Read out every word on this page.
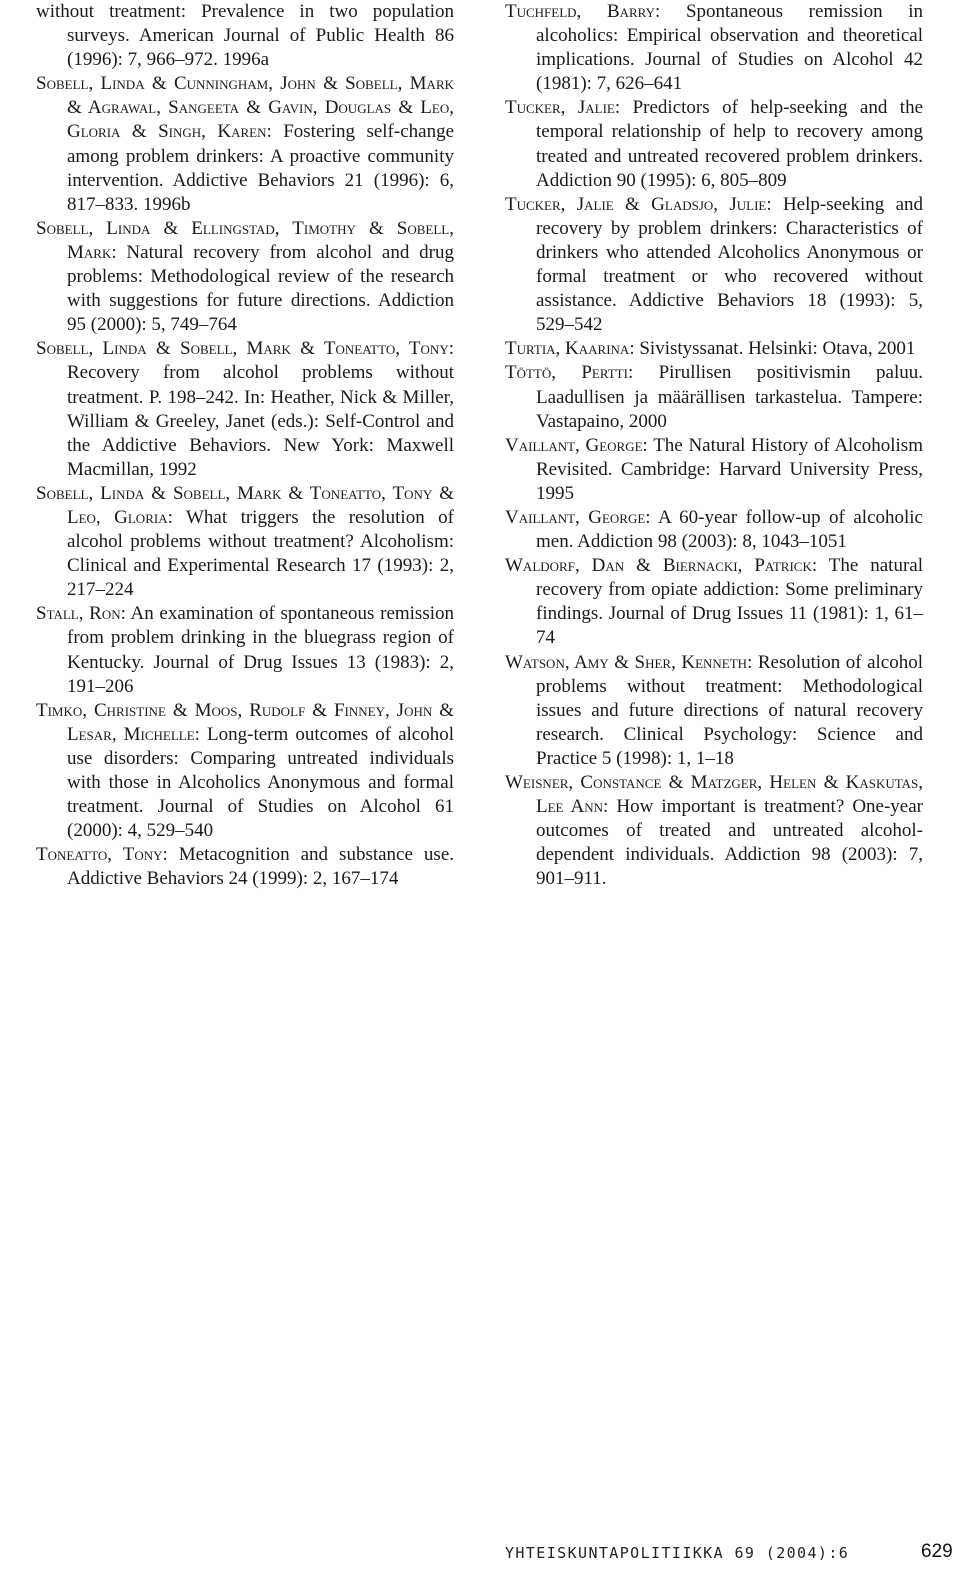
without treatment: Prevalence in two population surveys. American Journal of Public Health 86 (1996): 7, 966–972. 1996a

Sobell, Linda & Cunningham, John & Sobell, Mark & Agrawal, Sangeeta & Gavin, Douglas & Leo, Gloria & Singh, Karen: Fostering self-change among problem drinkers: A proactive community intervention. Addictive Behaviors 21 (1996): 6, 817–833. 1996b

Sobell, Linda & Ellingstad, Timothy & Sobell, Mark: Natural recovery from alcohol and drug problems: Methodological review of the research with suggestions for future directions. Addiction 95 (2000): 5, 749–764

Sobell, Linda & Sobell, Mark & Toneatto, Tony: Recovery from alcohol problems without treatment. P. 198–242. In: Heather, Nick & Miller, William & Greeley, Janet (eds.): Self-Control and the Addictive Behaviors. New York: Maxwell Macmillan, 1992

Sobell, Linda & Sobell, Mark & Toneatto, Tony & Leo, Gloria: What triggers the resolution of alcohol problems without treatment? Alcoholism: Clinical and Experimental Research 17 (1993): 2, 217–224

Stall, Ron: An examination of spontaneous remission from problem drinking in the bluegrass region of Kentucky. Journal of Drug Issues 13 (1983): 2, 191–206

Timko, Christine & Moos, Rudolf & Finney, John & Lesar, Michelle: Long-term outcomes of alcohol use disorders: Comparing untreated individuals with those in Alcoholics Anonymous and formal treatment. Journal of Studies on Alcohol 61 (2000): 4, 529–540

Toneatto, Tony: Metacognition and substance use. Addictive Behaviors 24 (1999): 2, 167–174

Tuchfeld, Barry: Spontaneous remission in alcoholics: Empirical observation and theoretical implications. Journal of Studies on Alcohol 42 (1981): 7, 626–641

Tucker, Jalie: Predictors of help-seeking and the temporal relationship of help to recovery among treated and untreated recovered problem drinkers. Addiction 90 (1995): 6, 805–809

Tucker, Jalie & Gladsjo, Julie: Help-seeking and recovery by problem drinkers: Characteristics of drinkers who attended Alcoholics Anonymous or formal treatment or who recovered without assistance. Addictive Behaviors 18 (1993): 5, 529–542

Turtia, Kaarina: Sivistyssanat. Helsinki: Otava, 2001

Töttö, Pertti: Pirullisen positivismin paluu. Laadullisen ja määrällisen tarkastelua. Tampere: Vastapaino, 2000

Vaillant, George: The Natural History of Alcoholism Revisited. Cambridge: Harvard University Press, 1995

Vaillant, George: A 60-year follow-up of alcoholic men. Addiction 98 (2003): 8, 1043–1051

Waldorf, Dan & Biernacki, Patrick: The natural recovery from opiate addiction: Some preliminary findings. Journal of Drug Issues 11 (1981): 1, 61–74

Watson, Amy & Sher, Kenneth: Resolution of alcohol problems without treatment: Methodological issues and future directions of natural recovery research. Clinical Psychology: Science and Practice 5 (1998): 1, 1–18

Weisner, Constance & Matzger, Helen & Kaskutas, Lee Ann: How important is treatment? One-year outcomes of treated and untreated alcohol-dependent individuals. Addiction 98 (2003): 7, 901–911.

YHTEISKUNTAPOLITIIKKA 69 (2004):6	629
